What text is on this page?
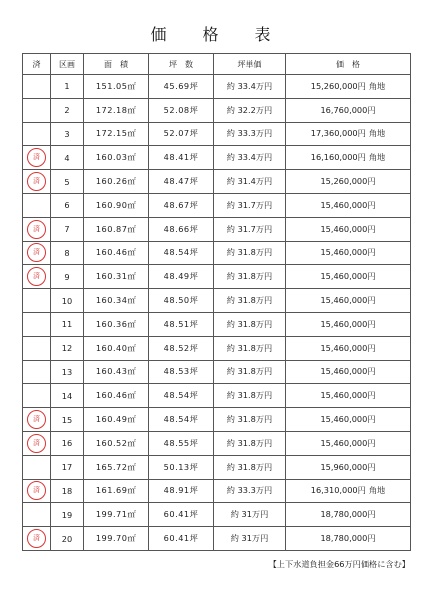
価　格　表
済	区画	面　積	坪　数	坪単価	価　格
	1	151.05㎡	45.69坪	約 33.4万円	15,260,000円 角地
	2	172.18㎡	52.08坪	約 32.2万円	16,760,000円
	3	172.15㎡	52.07坪	約 33.3万円	17,360,000円 角地
済	4	160.03㎡	48.41坪	約 33.4万円	16,160,000円 角地
済	5	160.26㎡	48.47坪	約 31.4万円	15,260,000円
	6	160.90㎡	48.67坪	約 31.7万円	15,460,000円
済	7	160.87㎡	48.66坪	約 31.7万円	15,460,000円
済	8	160.46㎡	48.54坪	約 31.8万円	15,460,000円
済	9	160.31㎡	48.49坪	約 31.8万円	15,460,000円
	10	160.34㎡	48.50坪	約 31.8万円	15,460,000円
	11	160.36㎡	48.51坪	約 31.8万円	15,460,000円
	12	160.40㎡	48.52坪	約 31.8万円	15,460,000円
	13	160.43㎡	48.53坪	約 31.8万円	15,460,000円
	14	160.46㎡	48.54坪	約 31.8万円	15,460,000円
済	15	160.49㎡	48.54坪	約 31.8万円	15,460,000円
済	16	160.52㎡	48.55坪	約 31.8万円	15,460,000円
	17	165.72㎡	50.13坪	約 31.8万円	15,960,000円
済	18	161.69㎡	48.91坪	約 33.3万円	16,310,000円 角地
	19	199.71㎡	60.41坪	約 31万円	18,780,000円
済	20	199.70㎡	60.41坪	約 31万円	18,780,000円
【上下水道負担金66万円価格に含む】
